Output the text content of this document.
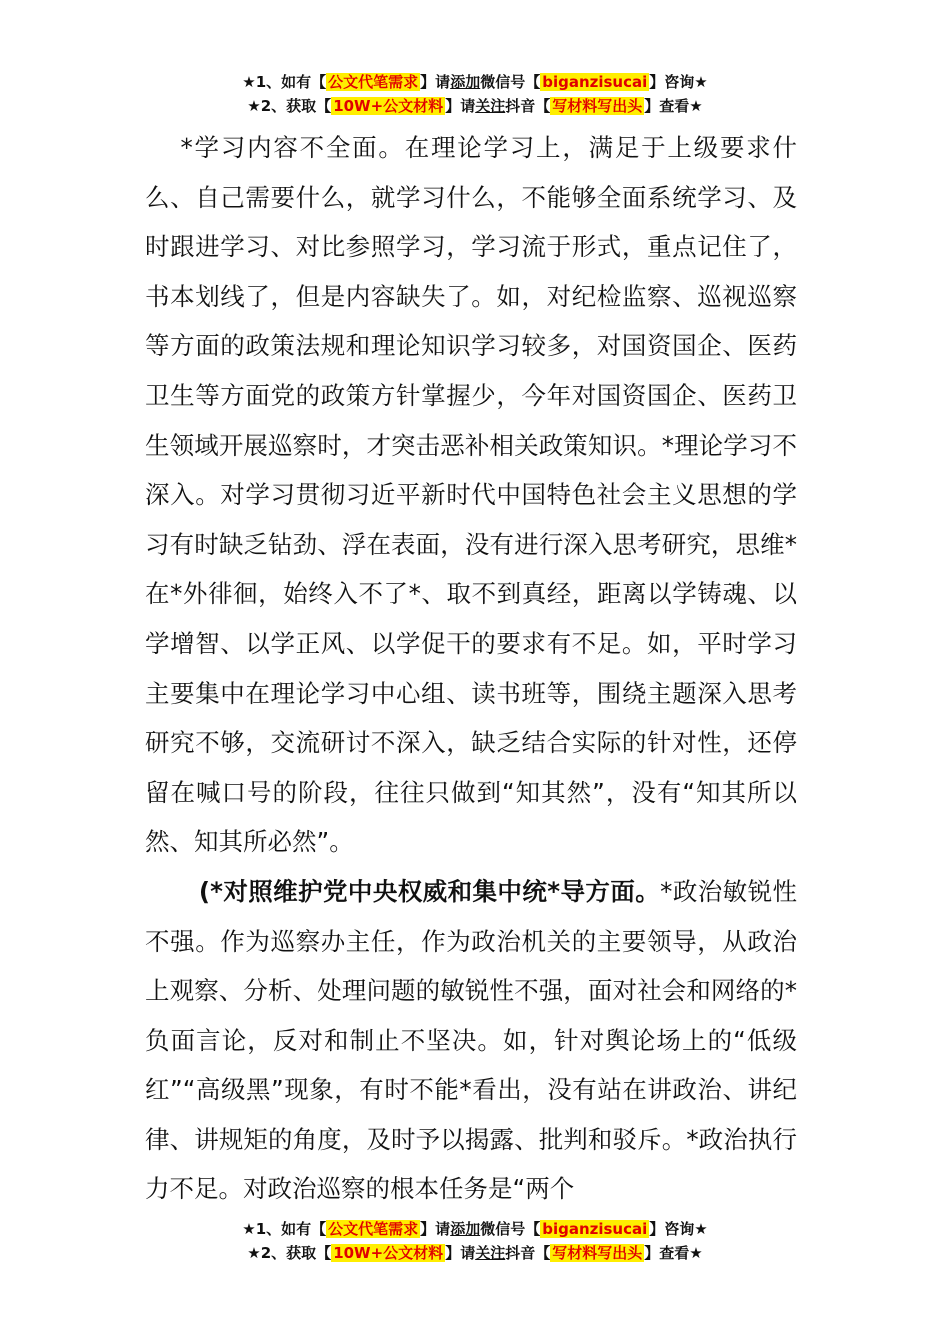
★1、如有【 公文代笔需求 】请添加微信号【 biganzisucai 】咨询★
★2、获取【 10W+公文材料 】请关注抖音【 写材料写出头 】查看★

*学习内容不全面。在理论学习上，满足于上级要求什么、自己需要什么，就学习什么，不能够全面系统学习、及时跟进学习、对比参照学习，学习流于形式，重点记住了，书本划线了，但是内容缺失了。如，对纪检监察、巡视巡察等方面的政策法规和理论知识学习较多，对国资国企、医药卫生等方面党的政策方针掌握少，今年对国资国企、医药卫生领域开展巡察时，才突击恶补相关政策知识。*理论学习不深入。对学习贯彻习近平新时代中国特色社会主义思想的学习有时缺乏钻劲、浮在表面，没有进行深入思考研究，思维*在*外徘徊，始终入不了*、取不到真经，距离以学铸魂、以学增智、以学正风、以学促干的要求有不足。如，平时学习主要集中在理论学习中心组、读书班等，围绕主题深入思考研究不够，交流研讨不深入，缺乏结合实际的针对性，还停留在喊口号的阶段，往往只做到“知其然”，没有“知其所以然、知其所必然”。

(*对照维护党中央权威和集中统*导方面。*政治敏锐性不强。作为巡察办主任，作为政治机关的主要领导，从政治上观察、分析、处理问题的敏锐性不强，面对社会和网络的*负面言论，反对和制止不坚决。如，针对舆论场上的“低级红”“高级黑”现象，有时不能*看出，没有站在讲政治、讲纪律、讲规矩的角度，及时予以揭露、批判和驳斥。*政治执行力不足。对政治巡察的根本任务是“两个

★1、如有【 公文代笔需求 】请添加微信号【 biganzisucai 】咨询★
★2、获取【 10W+公文材料 】请关注抖音【 写材料写出头 】查看★
